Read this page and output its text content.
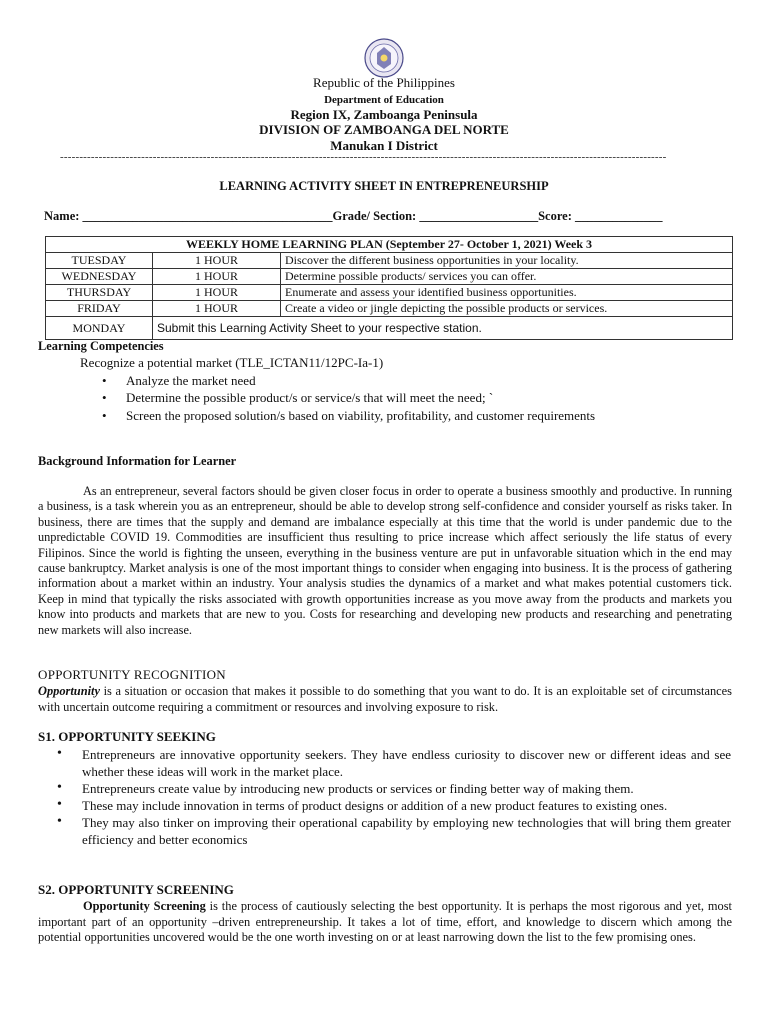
Republic of the Philippines
Department of Education
Region IX, Zamboanga Peninsula
DIVISION OF ZAMBOANGA DEL NORTE
Manukan I District
-------------------------------------------------------------------------------------------------------------------------------------------------------------
LEARNING ACTIVITY SHEET IN ENTREPRENEURSHIP
Name: ________________________________________Grade/ Section: ___________________Score: ______________
WEEKLY HOME LEARNING PLAN (September 27- October 1, 2021) Week 3		
TUESDAY	1 HOUR	Discover the different business opportunities in your locality.
WEDNESDAY	1 HOUR	Determine possible products/ services you can offer.
THURSDAY	1 HOUR	Enumerate and assess your identified business opportunities.
FRIDAY	1 HOUR	Create a video or jingle depicting the possible products or services.
MONDAY	Submit this Learning Activity Sheet to your respective station.	
Learning Competencies
Recognize a potential market (TLE_ICTAN11/12PC-Ia-1)
• Analyze the market need
• Determine the possible product/s or service/s that will meet the need; `
• Screen the proposed solution/s based on viability, profitability, and customer requirements
Background Information for Learner
As an entrepreneur, several factors should be given closer focus in order to operate a business smoothly and productive. In running a business, is a task wherein you as an entrepreneur, should be able to develop strong self-confidence and consider yourself as risks taker. In business, there are times that the supply and demand are imbalance especially at this time that the world is under pandemic due to the unpredictable COVID 19. Commodities are insufficient thus resulting to price increase which affect seriously the life status of every Filipinos. Since the world is fighting the unseen, everything in the business venture are put in unfavorable situation which in the end may cause bankruptcy. Market analysis is one of the most important things to consider when engaging into business. It is the process of gathering information about a market within an industry. Your analysis studies the dynamics of a market and what makes potential customers tick. Keep in mind that typically the risks associated with growth opportunities increase as you move away from the products and markets you know into products and markets that are new to you. Costs for researching and developing new products and researching and penetrating new markets will also increase.
OPPORTUNITY RECOGNITION
Opportunity is a situation or occasion that makes it possible to do something that you want to do. It is an exploitable set of circumstances with uncertain outcome requiring a commitment or resources and involving exposure to risk.
S1. OPPORTUNITY SEEKING
• Entrepreneurs are innovative opportunity seekers. They have endless curiosity to discover new or different ideas and see whether these ideas will work in the market place.
• Entrepreneurs create value by introducing new products or services or finding better way of making them.
• These may include innovation in terms of product designs or addition of a new product features to existing ones.
• They may also tinker on improving their operational capability by employing new technologies that will bring them greater efficiency and better economics
S2. OPPORTUNITY SCREENING
Opportunity Screening is the process of cautiously selecting the best opportunity. It is perhaps the most rigorous and yet, most important part of an opportunity –driven entrepreneurship. It takes a lot of time, effort, and knowledge to discern which among the potential opportunities uncovered would be the one worth investing on or at least narrowing down the list to the few promising ones.
